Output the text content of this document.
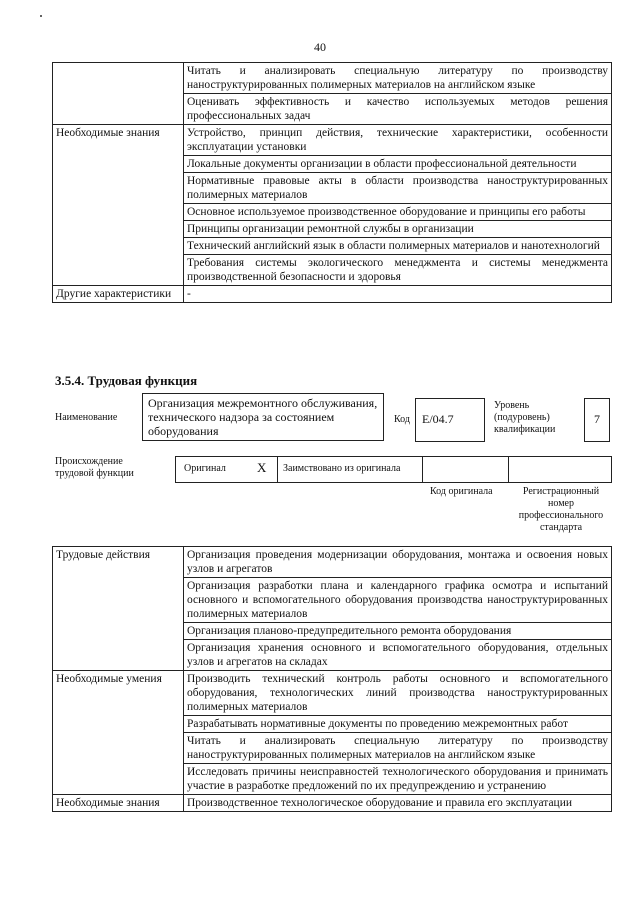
40
	Читать и анализировать специальную литературу по производству наноструктурированных полимерных материалов на английском языке
	Оценивать эффективность и качество используемых методов решения профессиональных задач
Необходимые знания	Устройство, принцип действия, технические характеристики, особенности эксплуатации установки
	Локальные документы организации в области профессиональной деятельности
	Нормативные правовые акты в области производства наноструктурированных полимерных материалов
	Основное используемое производственное оборудование и принципы его работы
	Принципы организации ремонтной службы в организации
	Технический английский язык в области полимерных материалов и нанотехнологий
	Требования системы экологического менеджмента и системы менеджмента производственной безопасности и здоровья
Другие характеристики	-
3.5.4. Трудовая функция
Наименование
Организация межремонтного обслуживания, технического надзора за состоянием оборудования
Код	E/04.7
Уровень (подуровень) квалификации
7
Происхождение трудовой функции	Оригинал X Заимствовано из оригинала
Код оригинала	Регистрационный номер профессионального стандарта
Трудовые действия	Организация проведения модернизации оборудования, монтажа и освоения новых узлов и агрегатов
	Организация разработки плана и календарного графика осмотра и испытаний основного и вспомогательного оборудования производства наноструктурированных полимерных материалов
	Организация планово-предупредительного ремонта оборудования
	Организация хранения основного и вспомогательного оборудования, отдельных узлов и агрегатов на складах
Необходимые умения	Производить технический контроль работы основного и вспомогательного оборудования, технологических линий производства наноструктурированных полимерных материалов
	Разрабатывать нормативные документы по проведению межремонтных работ
	Читать и анализировать специальную литературу по производству наноструктурированных полимерных материалов на английском языке
	Исследовать причины неисправностей технологического оборудования и принимать участие в разработке предложений по их предупреждению и устранению
Необходимые знания	Производственное технологическое оборудование и правила его эксплуатации
